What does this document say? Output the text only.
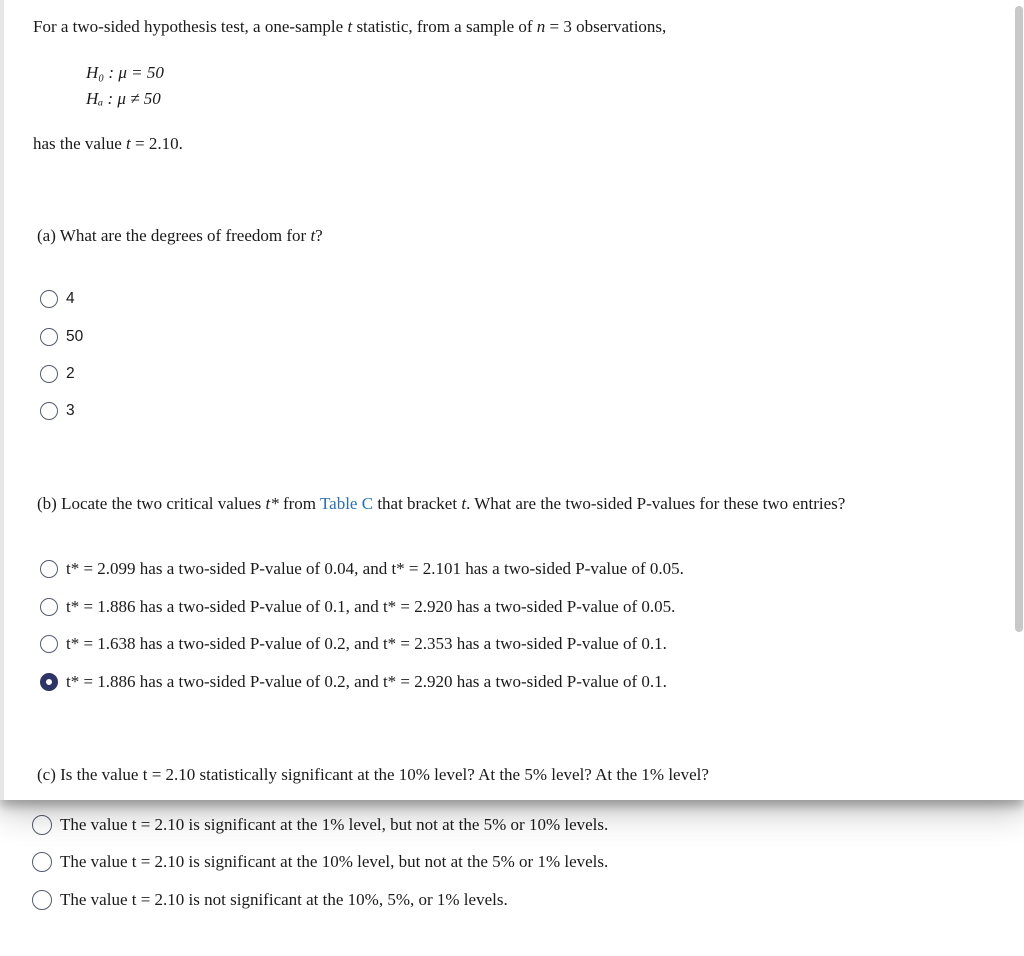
For a two-sided hypothesis test, a one-sample t statistic, from a sample of n = 3 observations,
H₀ : μ = 50
Hₐ : μ ≠ 50
has the value t = 2.10.
(a) What are the degrees of freedom for t?
4
50
2
3
(b) Locate the two critical values t* from Table C that bracket t. What are the two-sided P-values for these two entries?
t* = 2.099 has a two-sided P-value of 0.04, and t* = 2.101 has a two-sided P-value of 0.05.
t* = 1.886 has a two-sided P-value of 0.1, and t* = 2.920 has a two-sided P-value of 0.05.
t* = 1.638 has a two-sided P-value of 0.2, and t* = 2.353 has a two-sided P-value of 0.1.
t* = 1.886 has a two-sided P-value of 0.2, and t* = 2.920 has a two-sided P-value of 0.1.
(c) Is the value t = 2.10 statistically significant at the 10% level? At the 5% level? At the 1% level?
The value t = 2.10 is significant at the 1% level, but not at the 5% or 10% levels.
The value t = 2.10 is significant at the 10% level, but not at the 5% or 1% levels.
The value t = 2.10 is not significant at the 10%, 5%, or 1% levels.
